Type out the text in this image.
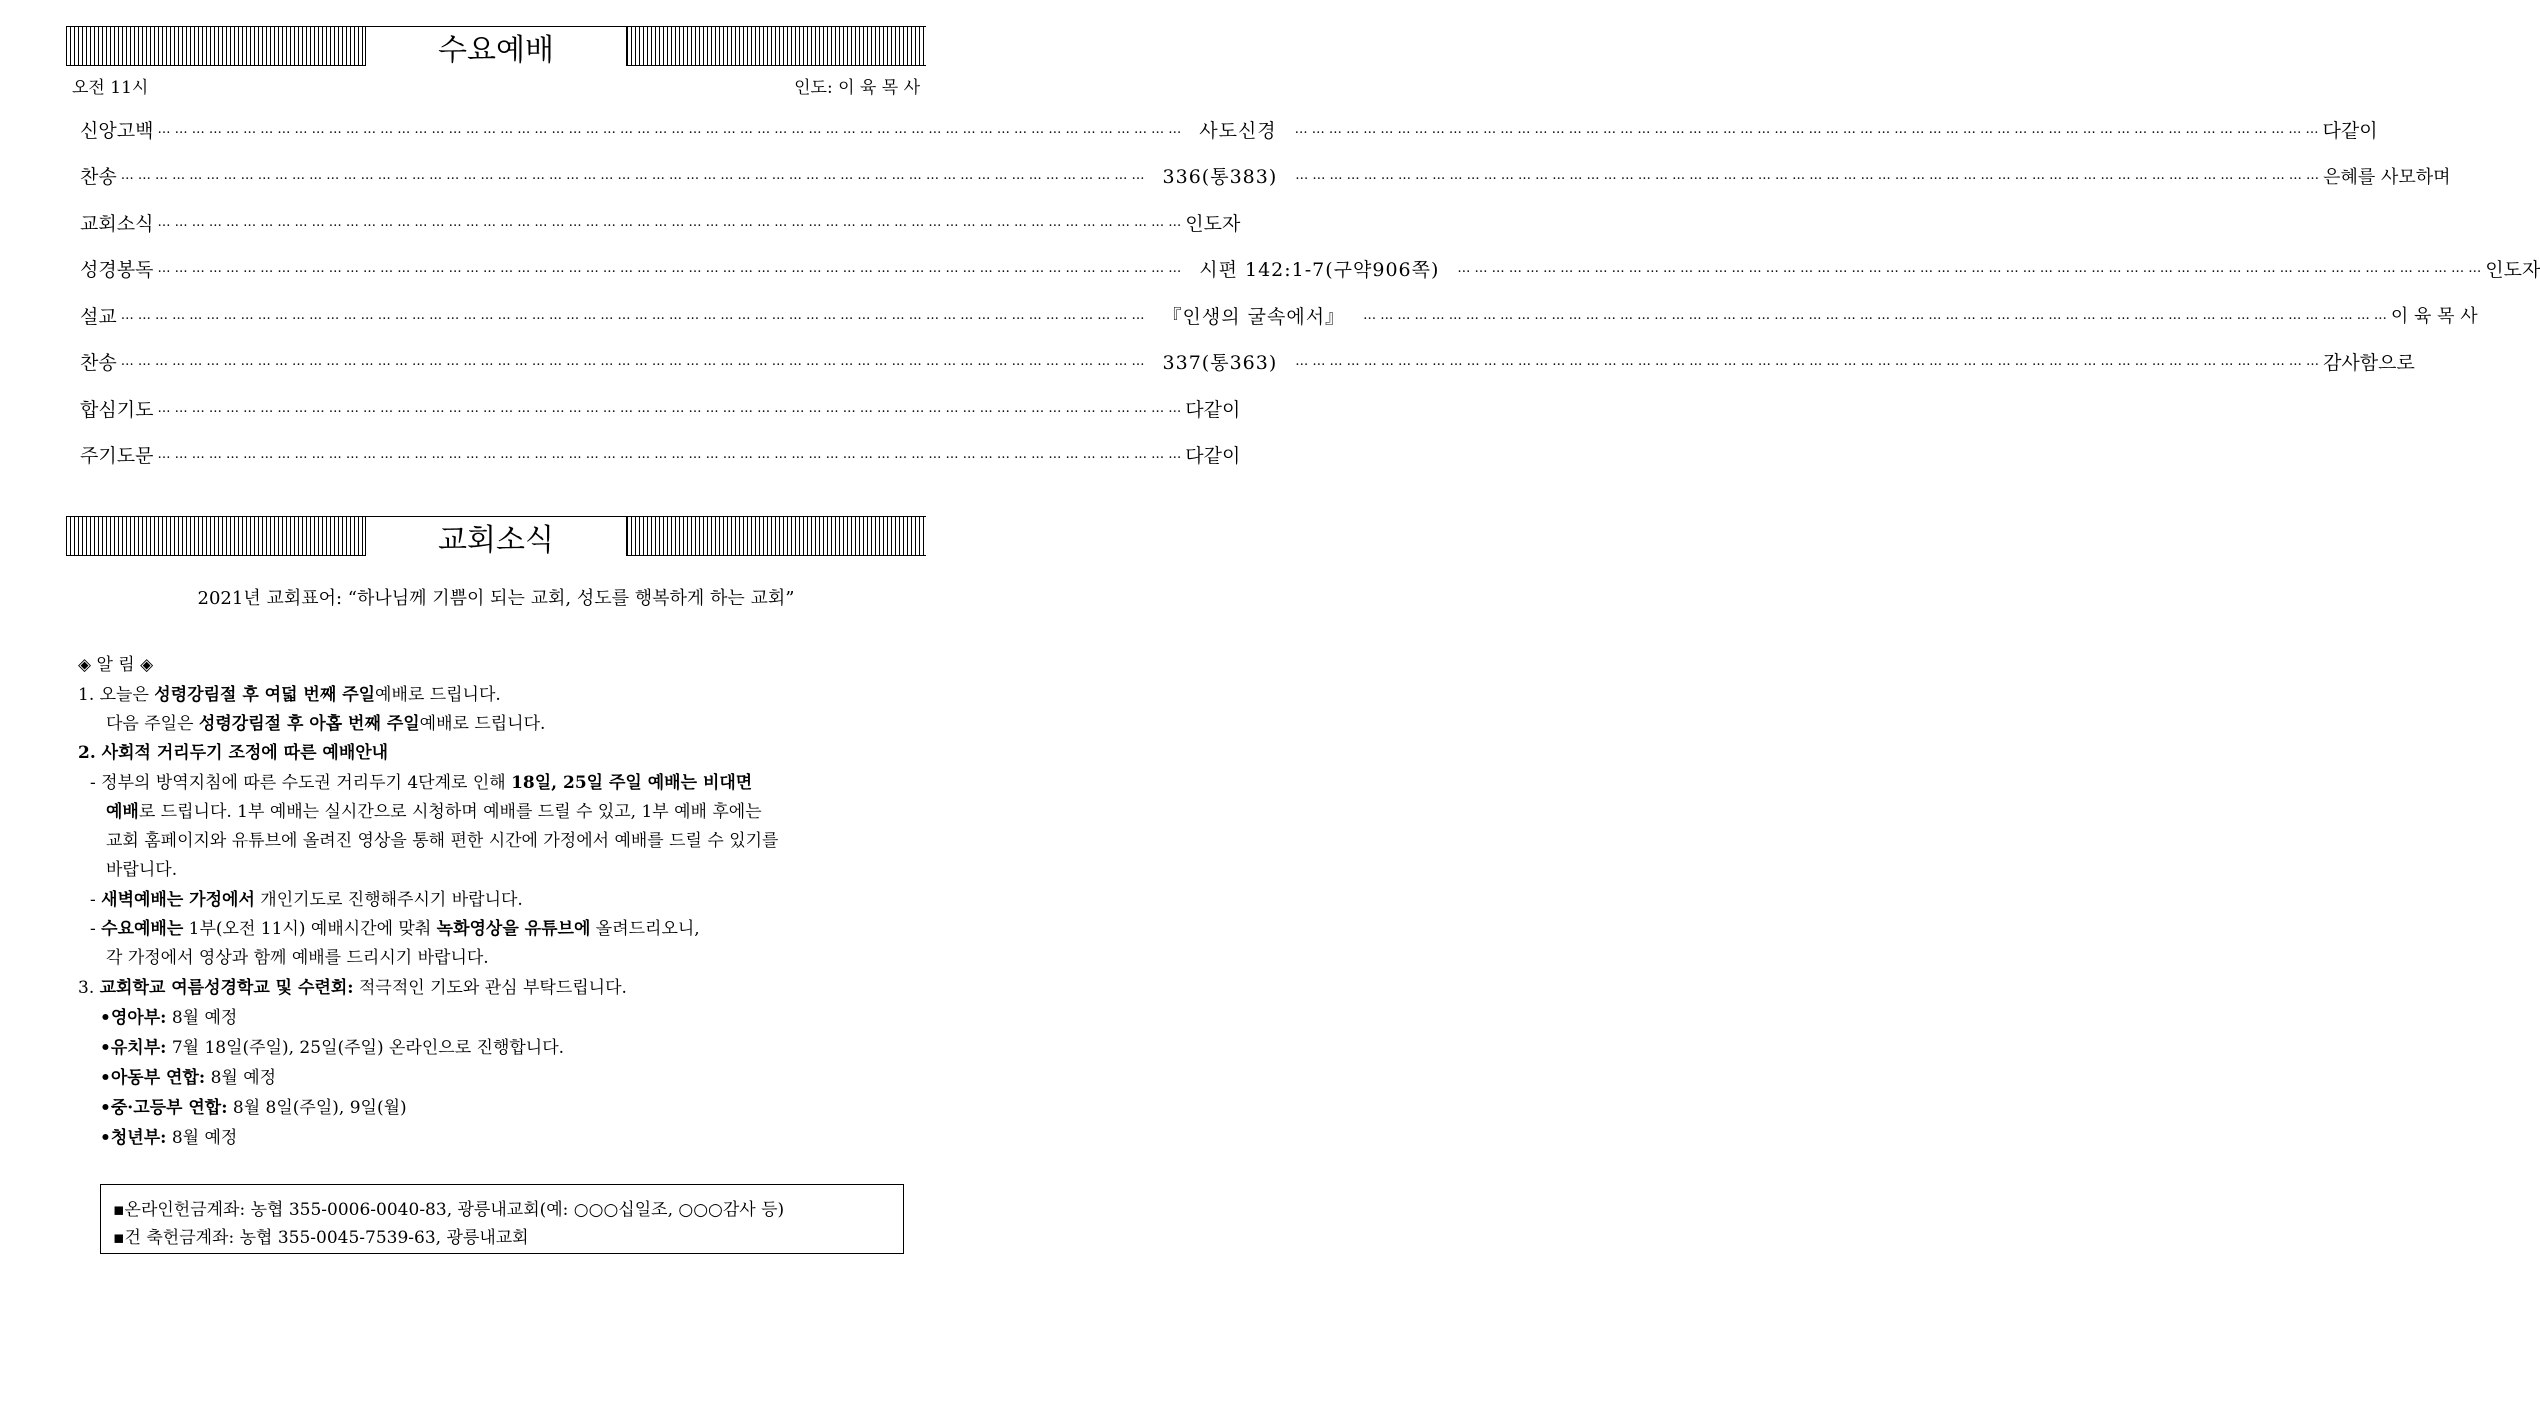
수요예배
오전 11시	인도: 이 육 목 사
신 앙 고 백 … … … … … … … … … … … … … … … … … … … … … … … … … … … … … … … … … … … … … … … … … … … … … … … … … … … … … … … … … … … … 사도신경	… … … … … … … … … … … … … … … … … … … … … … … … … … … … … … … … … … … … … … … … … … … … … … … … … … … … … … … … … … … … 다 같 이
찬 송 … … … … … … … … … … … … … … … … … … … … … … … … … … … … … … … … … … … … … … … … … … … … … … … … … … … … … … … … … … … … 336(통383)	… … … … … … … … … … … … … … … … … … … … … … … … … … … … … … … … … … … … … … … … … … … … … … … … … … … … … … … … … … … … 은혜를 사모하며
교 회 소 식 … … … … … … … … … … … … … … … … … … … … … … … … … … … … … … … … … … … … … … … … … … … … … … … … … … … … … … … … … … … … 인 도 자
성 경 봉 독 … … … … … … … … … … … … … … … … … … … … … … … … … … … … … … … … … … … … … … … … … … … … … … … … … … … … … … … … … … … … 시편 142:1-7(구약906쪽)	… … … … … … … … … … … … … … … … … … … … … … … … … … … … … … … … … … … … … … … … … … … … … … … … … … … … … … … … … … … … 인 도 자
설 교 … … … … … … … … … … … … … … … … … … … … … … … … … … … … … … … … … … … … … … … … … … … … … … … … … … … … … … … … … … … … 『인생의 굴속에서』	… … … … … … … … … … … … … … … … … … … … … … … … … … … … … … … … … … … … … … … … … … … … … … … … … … … … … … … … … … … … 이 육 목 사
찬 송 … … … … … … … … … … … … … … … … … … … … … … … … … … … … … … … … … … … … … … … … … … … … … … … … … … … … … … … … … … … … 337(통363)	… … … … … … … … … … … … … … … … … … … … … … … … … … … … … … … … … … … … … … … … … … … … … … … … … … … … … … … … … … … … 감 사 함 으 로
합 심 기 도 … … … … … … … … … … … … … … … … … … … … … … … … … … … … … … … … … … … … … … … … … … … … … … … … … … … … … … … … … … … … 다 같 이
주 기 도 문 … … … … … … … … … … … … … … … … … … … … … … … … … … … … … … … … … … … … … … … … … … … … … … … … … … … … … … … … … … … … 다 같 이
교회소식
2021년 교회표어: “하나님께 기쁨이 되는 교회, 성도를 행복하게 하는 교회”
◈ 알 림 ◈
1. 오늘은 성령강림절 후 여덟 번째 주일예배로 드립니다.
다음 주일은 성령강림절 후 아홉 번째 주일예배로 드립니다.
2. 사회적 거리두기 조정에 따른 예배안내
- 정부의 방역지침에 따른 수도권 거리두기 4단계로 인해 18일, 25일 주일 예배는 비대면
예배로 드립니다. 1부 예배는 실시간으로 시청하며 예배를 드릴 수 있고, 1부 예배 후에는
교회 홈페이지와 유튜브에 올려진 영상을 통해 편한 시간에 가정에서 예배를 드릴 수 있기를
바랍니다.
- 새벽예배는 가정에서 개인기도로 진행해주시기 바랍니다.
- 수요예배는 1부(오전 11시) 예배시간에 맞춰 녹화영상을 유튜브에 올려드리오니,
각 가정에서 영상과 함께 예배를 드리시기 바랍니다.
3. 교회학교 여름성경학교 및 수련회: 적극적인 기도와 관심 부탁드립니다.
•영아부: 8월 예정
•유치부: 7월 18일(주일), 25일(주일) 온라인으로 진행합니다.
•아동부 연합: 8월 예정
•중·고등부 연합: 8월 8일(주일), 9일(월)
•청년부: 8월 예정
▪온라인헌금계좌: 농협 355-0006-0040-83, 광릉내교회(예: ○○○십일조, ○○○감사 등)
▪건 축헌금계좌: 농협 355-0045-7539-63, 광릉내교회
